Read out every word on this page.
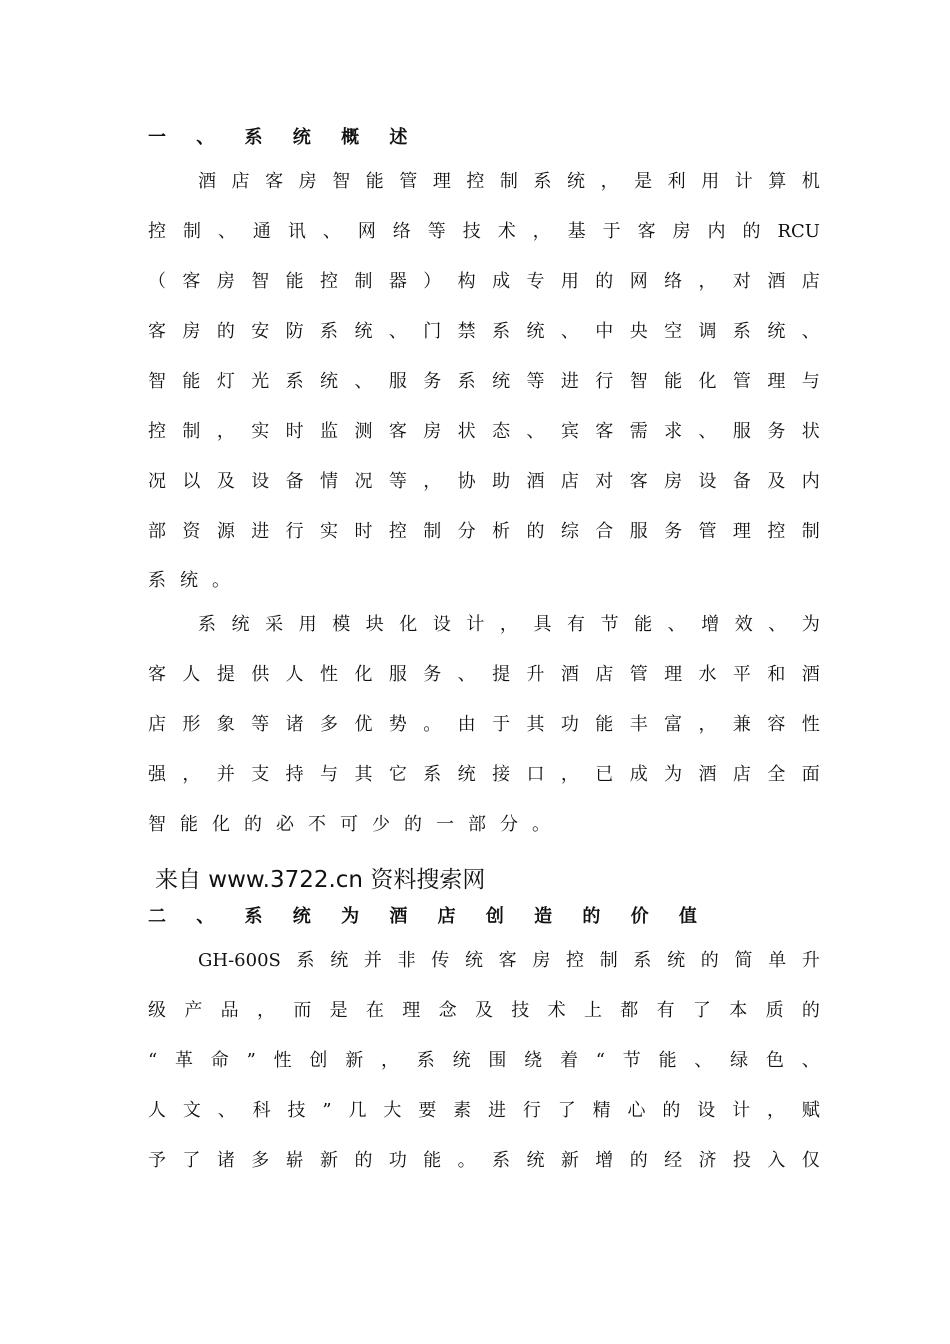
一 、 系 统 概 述
酒 店 客 房 智 能 管 理 控 制 系 统 ， 是 利 用 计 算 机
控 制 、 通 讯 、 网 络 等 技 术 ， 基 于 客 房 内 的 RCU
（ 客 房 智 能 控 制 器 ） 构 成 专 用 的 网 络 ， 对 酒 店
客 房 的 安 防 系 统 、 门 禁 系 统 、 中 央 空 调 系 统 、
智 能 灯 光 系 统 、 服 务 系 统 等 进 行 智 能 化 管 理 与
控 制 ， 实 时 监 测 客 房 状 态 、 宾 客 需 求 、 服 务 状
况 以 及 设 备 情 况 等 ， 协 助 酒 店 对 客 房 设 备 及 内
部 资 源 进 行 实 时 控 制 分 析 的 综 合 服 务 管 理 控 制
系 统 。
系 统 采 用 模 块 化 设 计 ， 具 有 节 能 、 增 效 、 为
客 人 提 供 人 性 化 服 务 、 提 升 酒 店 管 理 水 平 和 酒
店 形 象 等 诸 多 优 势 。 由 于 其 功 能 丰 富 ， 兼 容 性
强 ， 并 支 持 与 其 它 系 统 接 口 ， 已 成 为 酒 店 全 面
智 能 化 的 必 不 可 少 的 一 部 分 。
来自 www.3722.cn 资料搜索网
二 、 系 统 为 酒 店 创 造 的 价 值
GH-600S 系 统 并 非 传 统 客 房 控 制 系 统 的 简 单 升
级 产 品 ， 而 是 在 理 念 及 技 术 上 都 有 了 本 质 的
“ 革 命 ” 性 创 新 ， 系 统 围 绕 着 “ 节 能 、 绿 色 、
人 文 、 科 技 ” 几 大 要 素 进 行 了 精 心 的 设 计 ， 赋
予 了 诸 多 崭 新 的 功 能 。 系 统 新 增 的 经 济 投 入 仅
